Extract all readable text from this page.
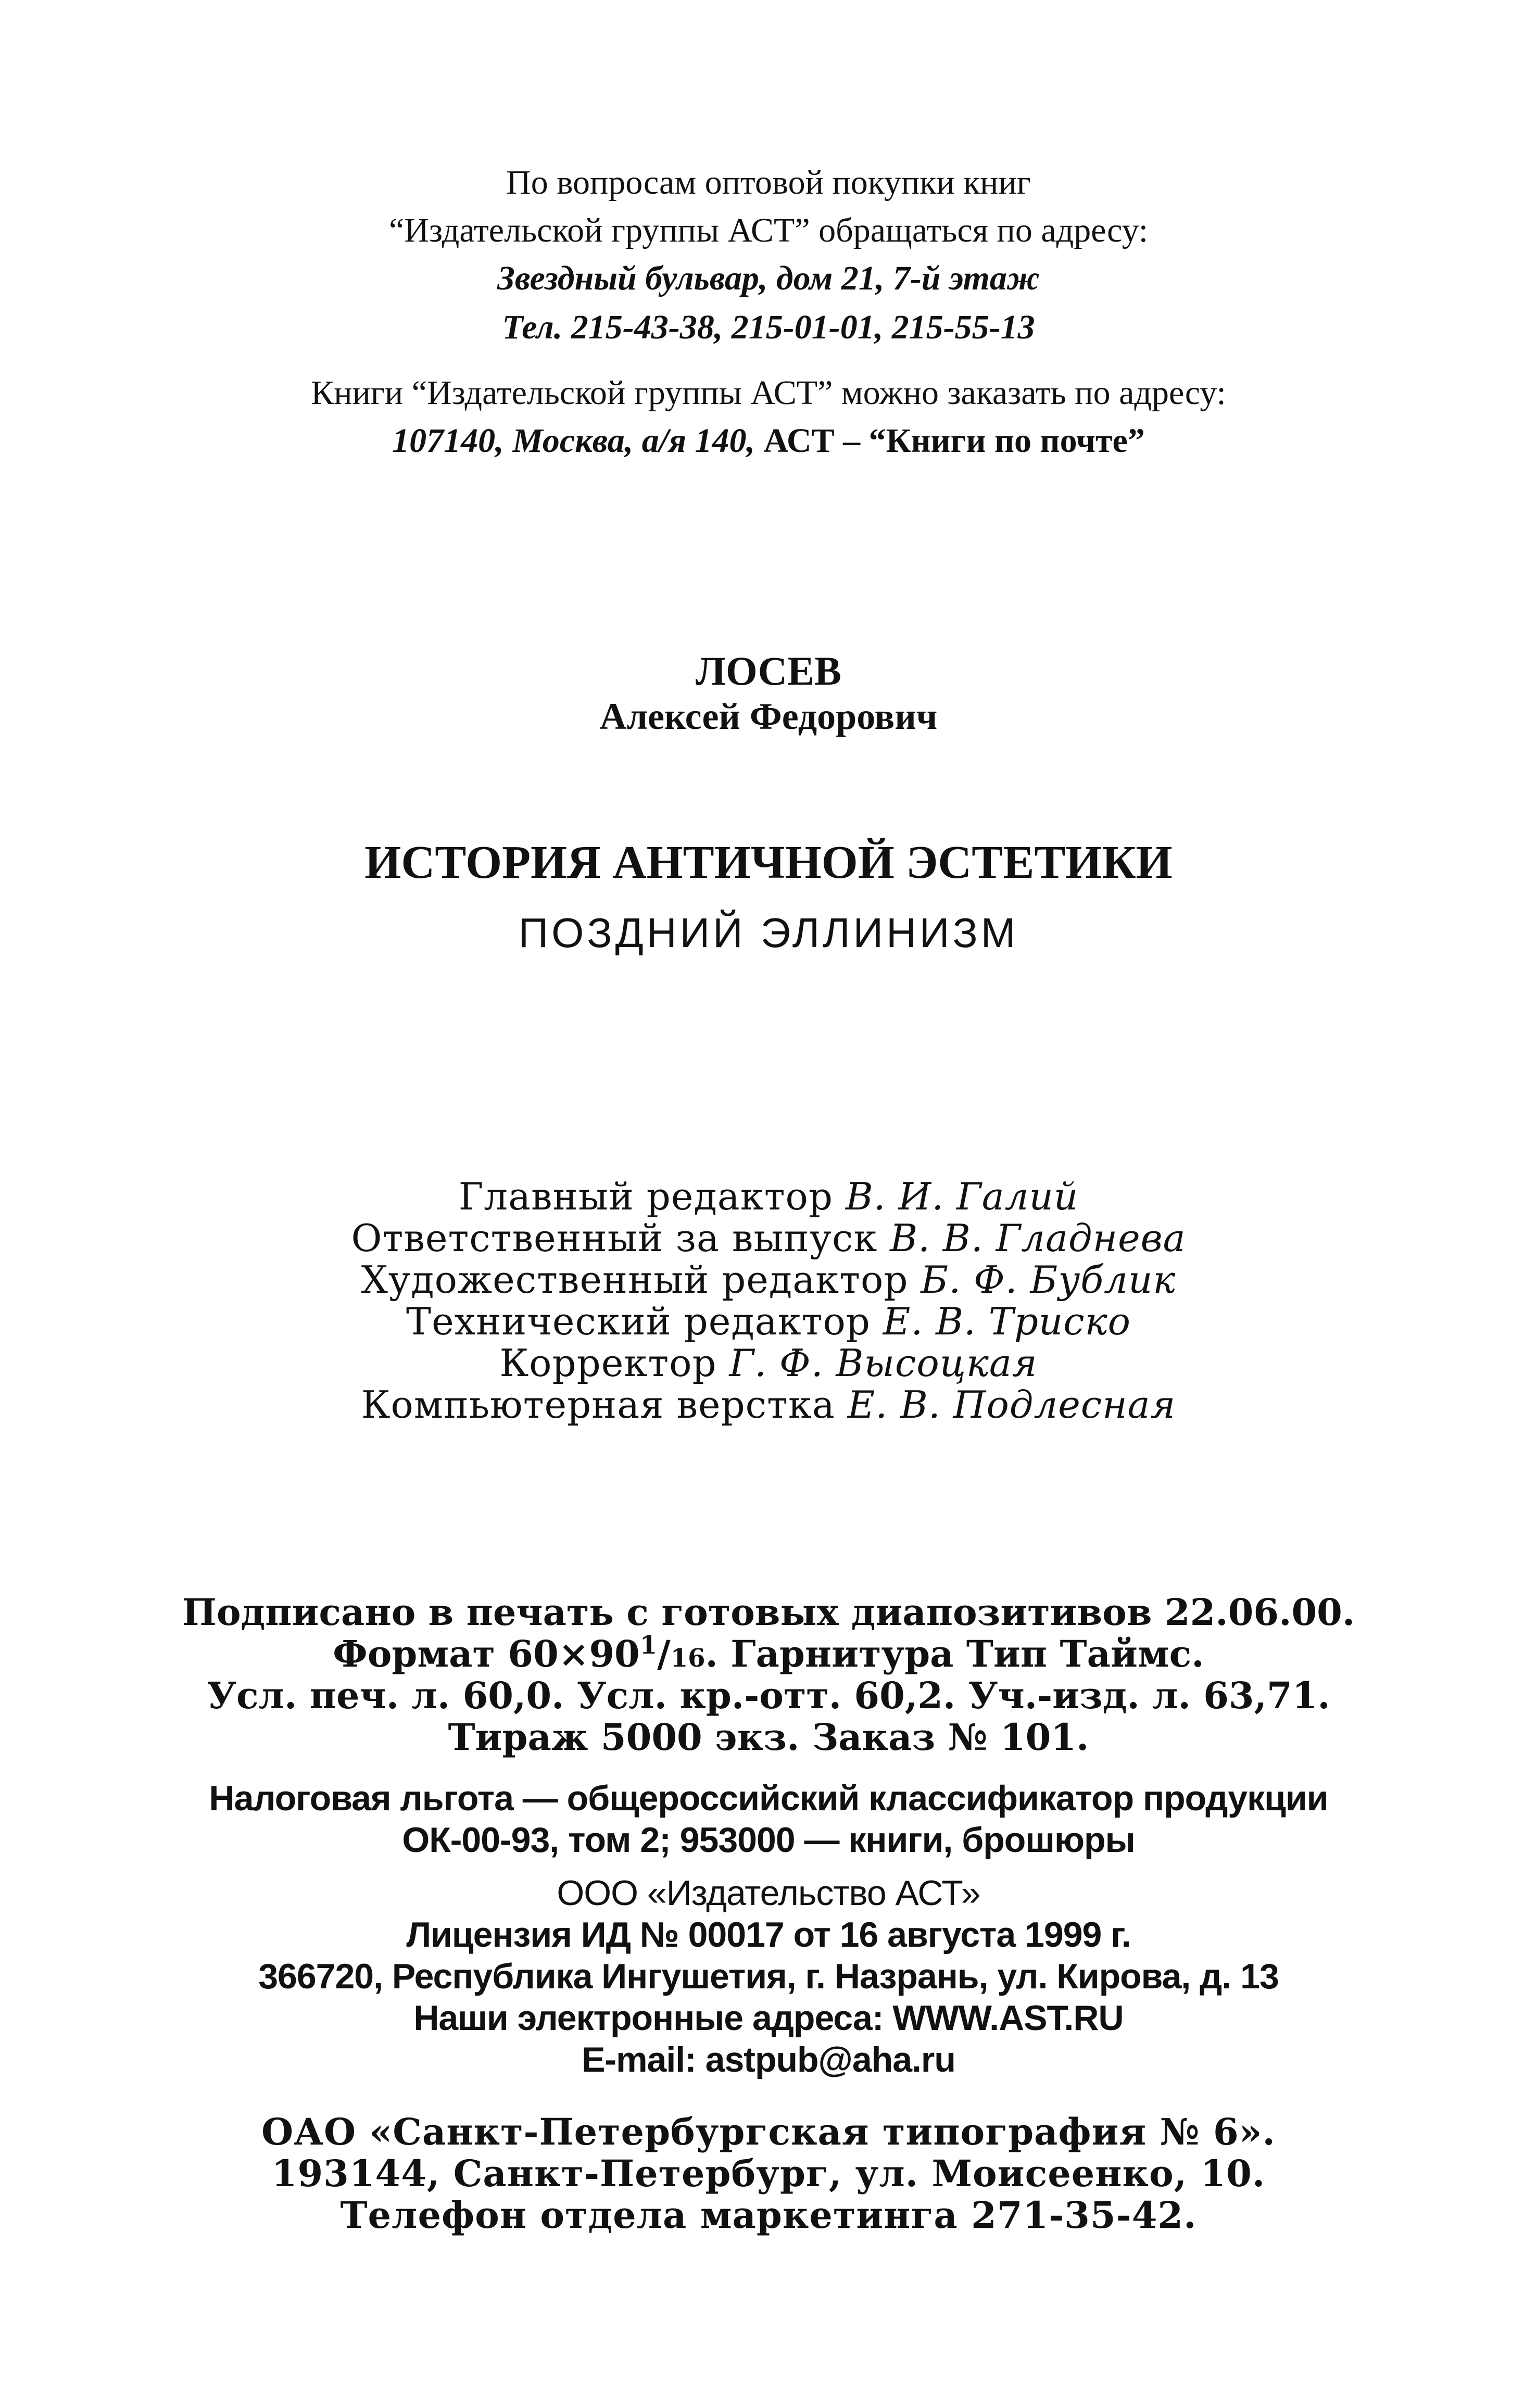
По вопросам оптовой покупки книг
“Издательской группы АСТ” обращаться по адресу:
Звездный бульвар, дом 21, 7-й этаж
Тел. 215-43-38, 215-01-01, 215-55-13
Книги “Издательской группы АСТ” можно заказать по адресу:
107140, Москва, а/я 140, АСТ – “Книги по почте”
ЛОСЕВ
Алексей Федорович
ИСТОРИЯ АНТИЧНОЙ ЭСТЕТИКИ
ПОЗДНИЙ ЭЛЛИНИЗМ
Главный редактор В. И. Галий
Ответственный за выпуск В. В. Гладнева
Художественный редактор Б. Ф. Бублик
Технический редактор Е. В. Триско
Корректор Г. Ф. Высоцкая
Компьютерная верстка Е. В. Подлесная
Подписано в печать с готовых диапозитивов 22.06.00.
Формат $60\times 90^1/16$. Гарнитура Тип Таймс.
Усл. печ. л. 60,0. Усл. кр.-отт. 60,2. Уч.-изд. л. 63,71.
Тираж 5000 экз. Заказ № 101.
Налоговая льгота — общероссийский классификатор продукции
ОК-00-93, том 2; 953000 — книги, брошюры
ООО «Издательство АСТ»
Лицензия ИД № 00017 от 16 августа 1999 г.
366720, Республика Ингушетия, г. Назрань, ул. Кирова, д. 13
Наши электронные адреса: WWW.AST.RU
E-mail: astpub@aha.ru
ОАО «Санкт-Петербургская типография № 6».
193144, Санкт-Петербург, ул. Моисеенко, 10.
Телефон отдела маркетинга 271-35-42.
